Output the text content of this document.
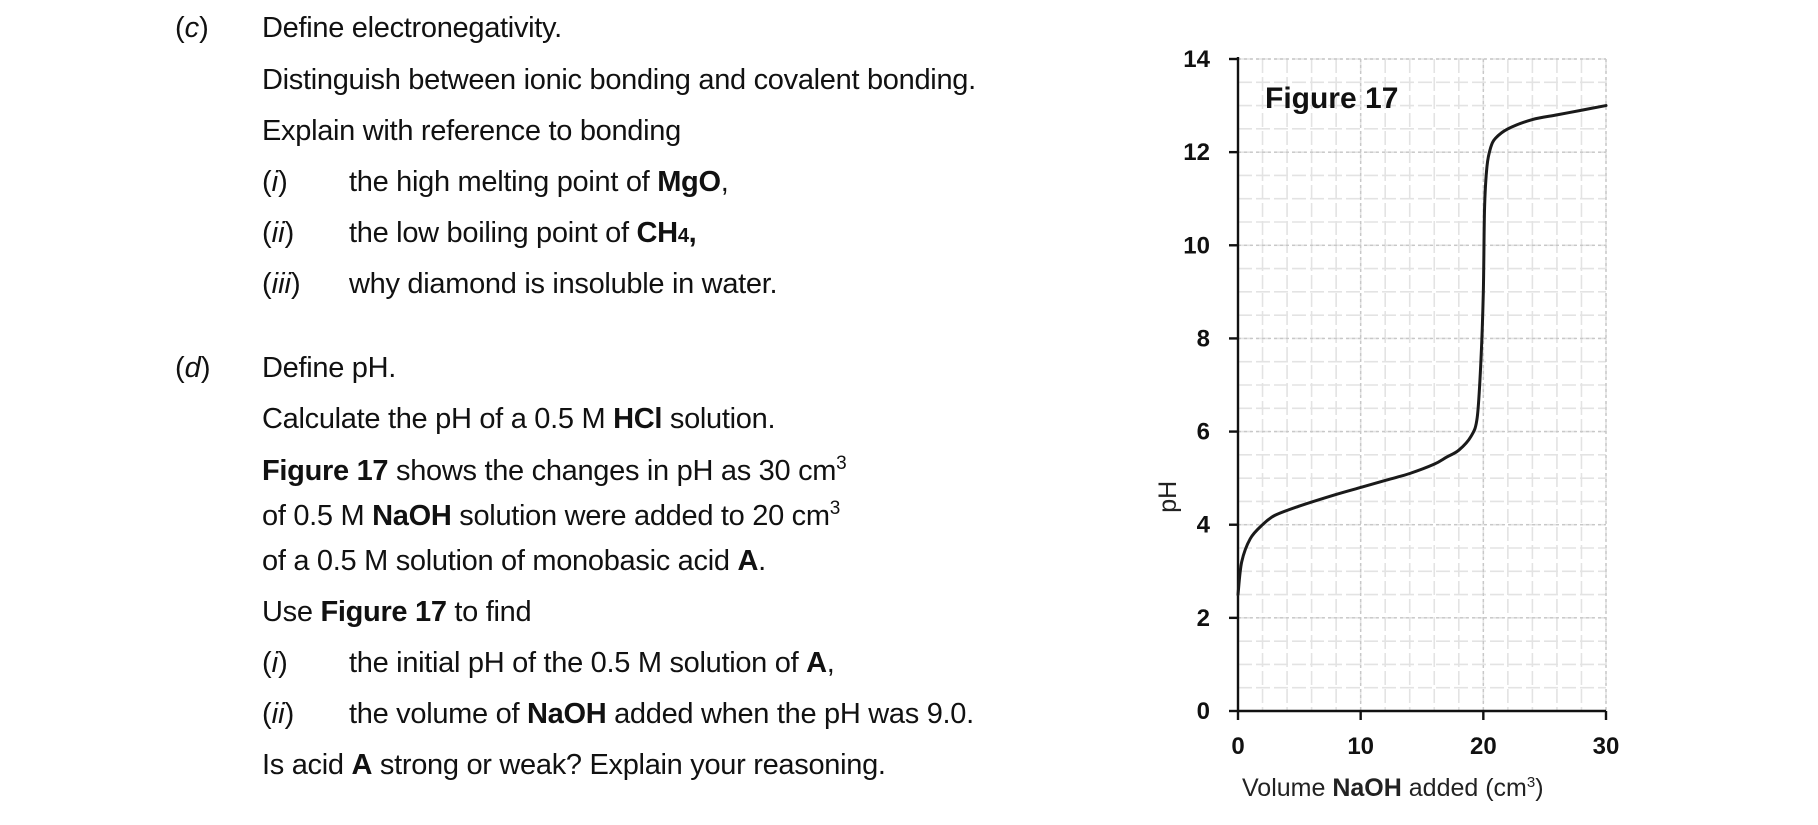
(c) Define electronegativity.
Distinguish between ionic bonding and covalent bonding.
Explain with reference to bonding
(i) the high melting point of MgO,
(ii) the low boiling point of CH4,
(iii) why diamond is insoluble in water.
(d) Define pH.
Calculate the pH of a 0.5 M HCl solution.
Figure 17 shows the changes in pH as 30 $cm^3$
of 0.5 M NaOH solution were added to 20 $cm^3$
of a 0.5 M solution of monobasic acid A.
Use Figure 17 to find
(i) the initial pH of the 0.5 M solution of A,
(ii) the volume of NaOH added when the pH was 9.0.
Is acid A strong or weak? Explain your reasoning.
0
2
4
6
8
10
12
14
0	10	20	30
Figure 17
pH
Volume NaOH added $(cm^3)$
